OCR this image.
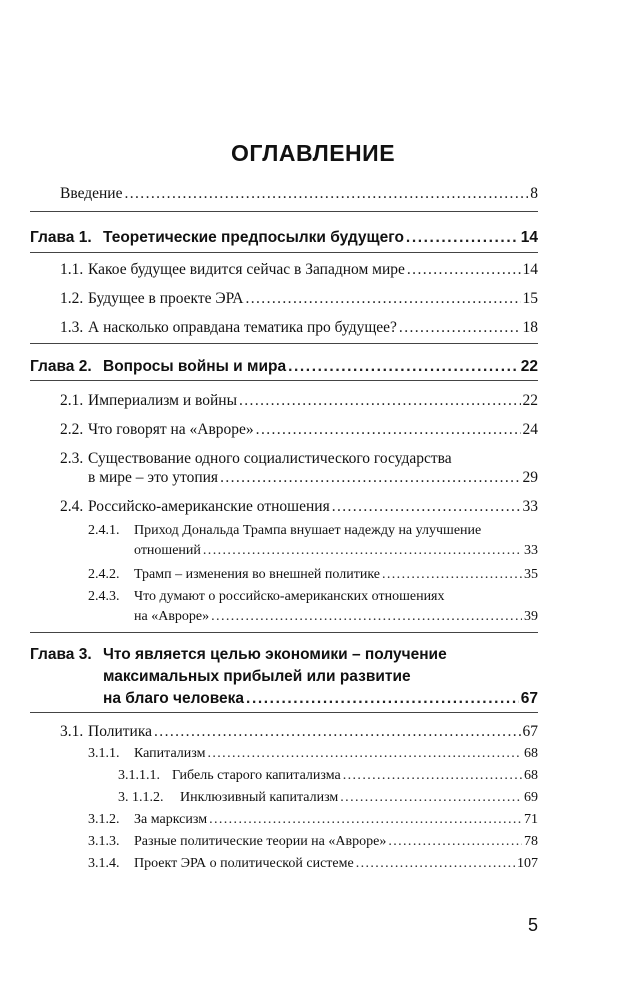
ОГЛАВЛЕНИЕ
Введение .....	8
Глава 1. Теоретические предпосылки будущего .....	14
1.1. Какое будущее видится сейчас в Западном мире .....	14
1.2. Будущее в проекте ЭРА .....	15
1.3. А насколько оправдана тематика про будущее? .....	18
Глава 2. Вопросы войны и мира .....	22
2.1. Империализм и войны .....	22
2.2. Что говорят на «Авроре» .....	24
2.3. Существование одного социалистического государства
в мире – это утопия .....	29
2.4. Российско-американские отношения .....	33
2.4.1. Приход Дональда Трампа внушает надежду на улучшение
отношений .....	33
2.4.2. Трамп – изменения во внешней политике .....	35
2.4.3. Что думают о российско-американских отношениях
на «Авроре» .....	39
Глава 3. Что является целью экономики – получение
максимальных прибылей или развитие
на благо человека .....	67
3.1. Политика .....	67
3.1.1. Капитализм .....	68
3.1.1.1. Гибель старого капитализма .....	68
3. 1.1.2. Инклюзивный капитализм .....	69
3.1.2. За марксизм .....	71
3.1.3. Разные политические теории на «Авроре» .....	78
3.1.4. Проект ЭРА о политической системе .....	107
5
